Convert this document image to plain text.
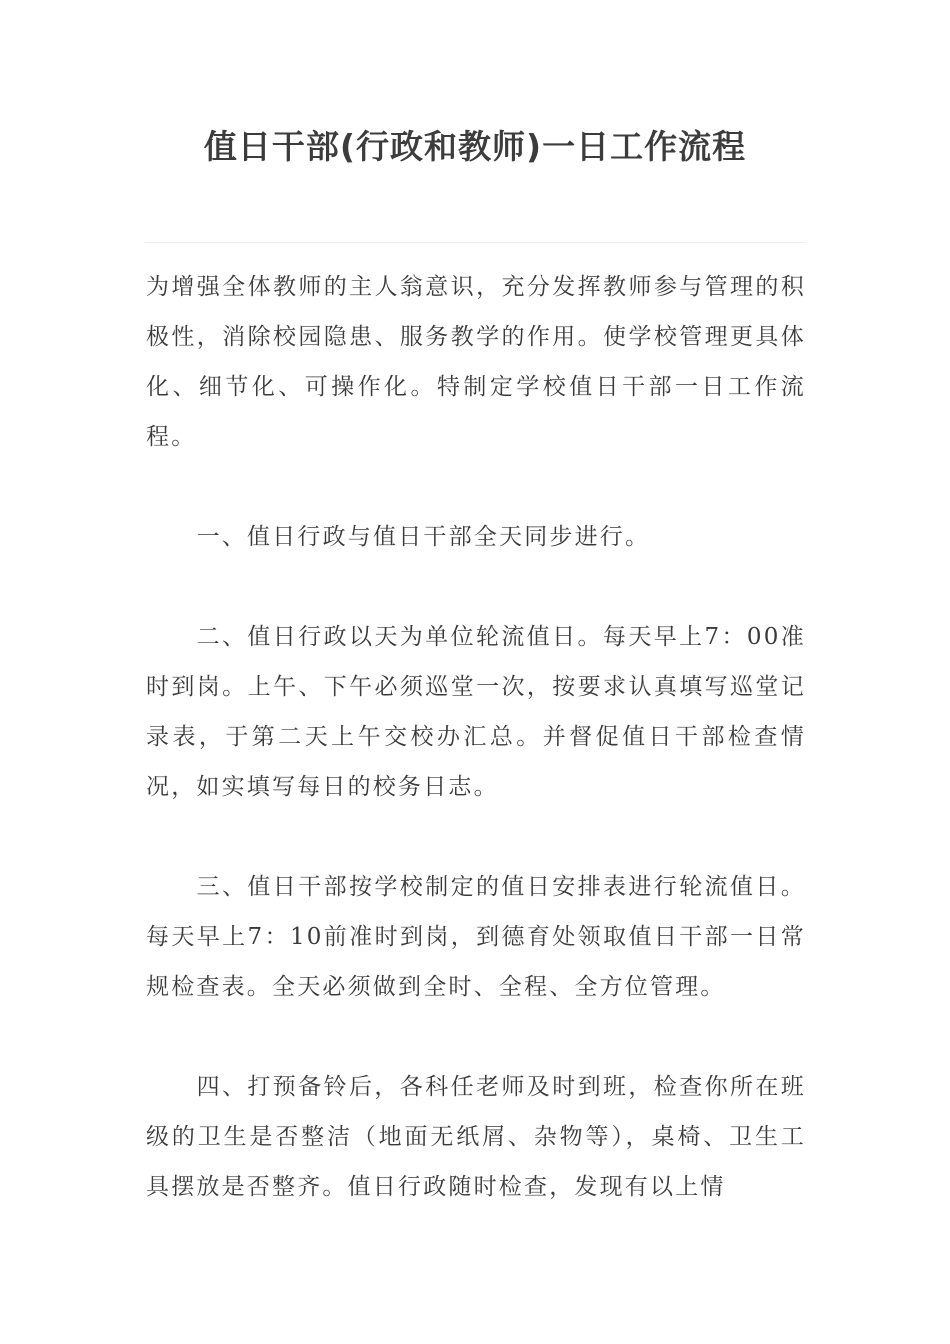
值日干部(行政和教师)一日工作流程

为增强全体教师的主人翁意识，充分发挥教师参与管理的积极性，消除校园隐患、服务教学的作用。使学校管理更具体化、细节化、可操作化。特制定学校值日干部一日工作流程。

一、值日行政与值日干部全天同步进行。

二、值日行政以天为单位轮流值日。每天早上7：00准时到岗。上午、下午必须巡堂一次，按要求认真填写巡堂记录表，于第二天上午交校办汇总。并督促值日干部检查情况，如实填写每日的校务日志。

三、值日干部按学校制定的值日安排表进行轮流值日。每天早上7：10前准时到岗，到德育处领取值日干部一日常规检查表。全天必须做到全时、全程、全方位管理。

四、打预备铃后，各科任老师及时到班，检查你所在班级的卫生是否整洁（地面无纸屑、杂物等），桌椅、卫生工具摆放是否整齐。值日行政随时检查，发现有以上情
